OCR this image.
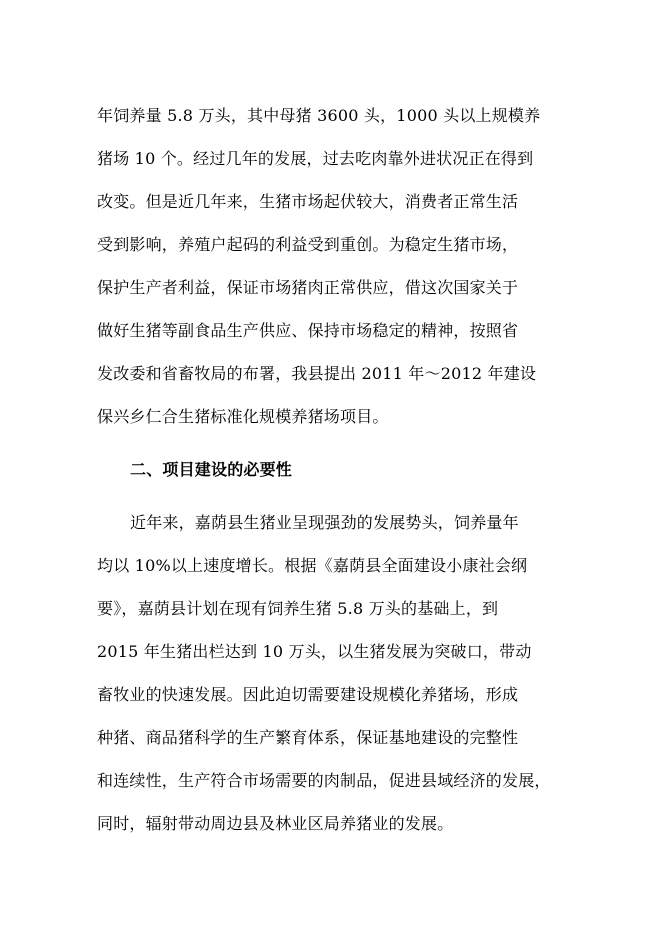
年饲养量 5.8 万头，其中母猪 3600 头，1000 头以上规模养
猪场 10 个。经过几年的发展，过去吃肉靠外进状况正在得到
改变。但是近几年来，生猪市场起伏较大，消费者正常生活
受到影响，养殖户起码的利益受到重创。为稳定生猪市场，
保护生产者利益，保证市场猪肉正常供应，借这次国家关于
做好生猪等副食品生产供应、保持市场稳定的精神，按照省
发改委和省畜牧局的布署，我县提出 2011 年～2012 年建设
保兴乡仁合生猪标准化规模养猪场项目。
二、项目建设的必要性
近年来，嘉荫县生猪业呈现强劲的发展势头，饲养量年
均以 10%以上速度增长。根据《嘉荫县全面建设小康社会纲
要》，嘉荫县计划在现有饲养生猪 5.8 万头的基础上，到
2015 年生猪出栏达到 10 万头，以生猪发展为突破口，带动
畜牧业的快速发展。因此迫切需要建设规模化养猪场，形成
种猪、商品猪科学的生产繁育体系，保证基地建设的完整性
和连续性，生产符合市场需要的肉制品，促进县域经济的发展，
同时，辐射带动周边县及林业区局养猪业的发展。
